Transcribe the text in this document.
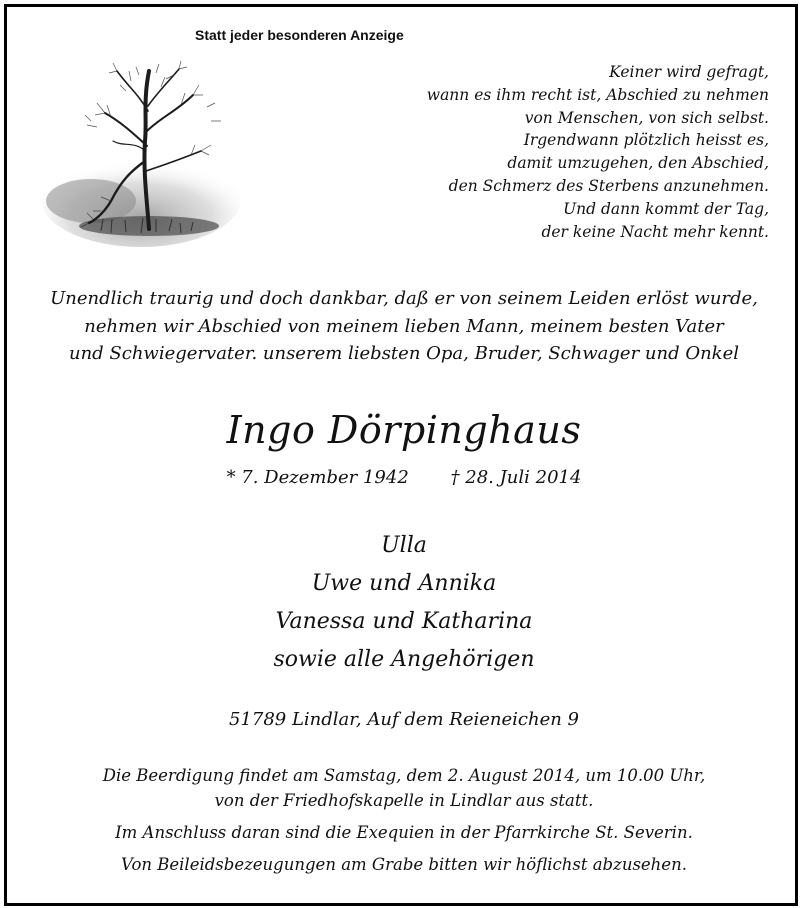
Statt jeder besonderen Anzeige
Keiner wird gefragt,
wann es ihm recht ist, Abschied zu nehmen
von Menschen, von sich selbst.
Irgendwann plötzlich heisst es,
damit umzugehen, den Abschied,
den Schmerz des Sterbens anzunehmen.
Und dann kommt der Tag,
der keine Nacht mehr kennt.
Unendlich traurig und doch dankbar, daß er von seinem Leiden erlöst wurde,
nehmen wir Abschied von meinem lieben Mann, meinem besten Vater
und Schwiegervater. unserem liebsten Opa, Bruder, Schwager und Onkel
Ingo Dörpinghaus
* 7. Dezember 1942 † 28. Juli 2014
Ulla
Uwe und Annika
Vanessa und Katharina
sowie alle Angehörigen
51789 Lindlar, Auf dem Reieneichen 9
Die Beerdigung findet am Samstag, dem 2. August 2014, um 10.00 Uhr,
von der Friedhofskapelle in Lindlar aus statt.
Im Anschluss daran sind die Exequien in der Pfarrkirche St. Severin.
Von Beileidsbezeugungen am Grabe bitten wir höflichst abzusehen.
